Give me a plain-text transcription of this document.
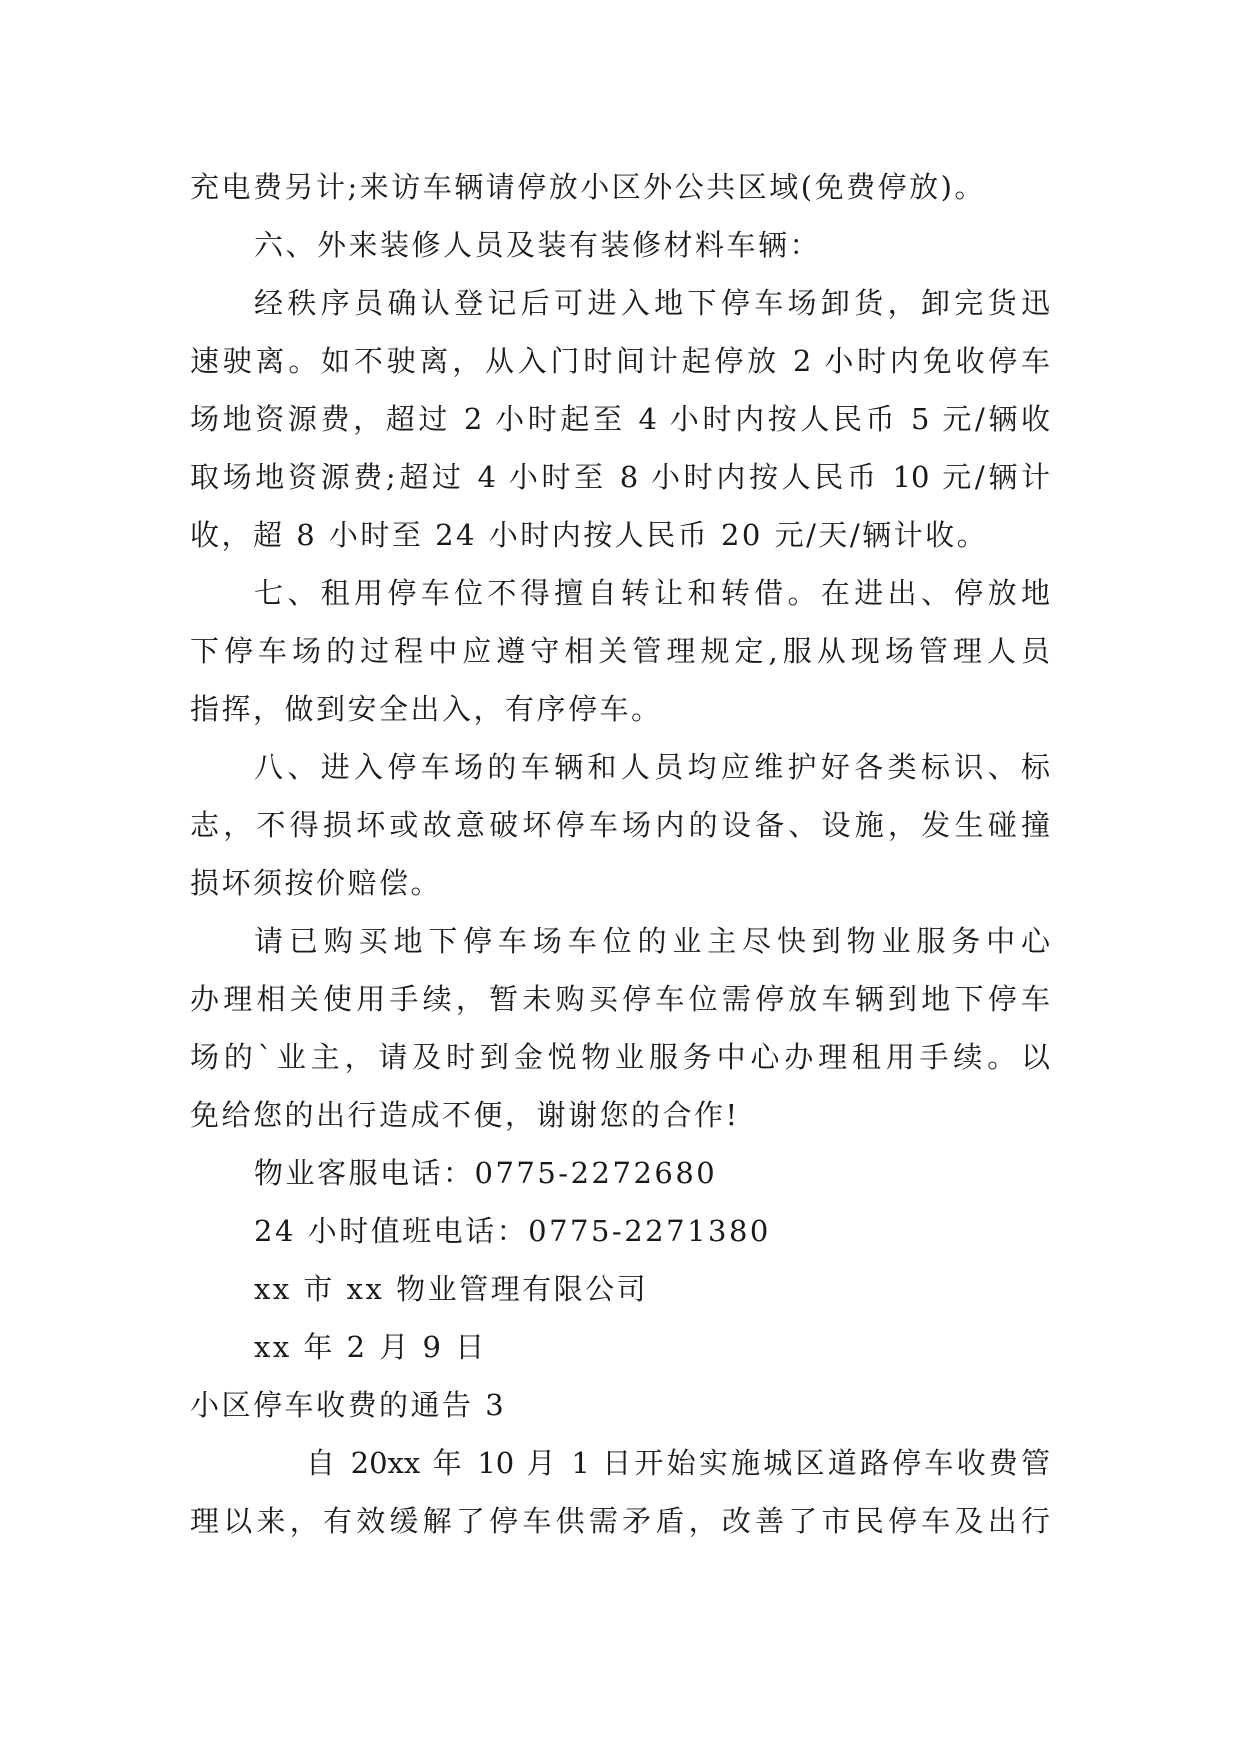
充电费另计;来访车辆请停放小区外公共区域(免费停放)。
六、外来装修人员及装有装修材料车辆：
经秩序员确认登记后可进入地下停车场卸货，卸完货迅
速驶离。如不驶离，从入门时间计起停放 2 小时内免收停车
场地资源费，超过 2 小时起至 4 小时内按人民币 5 元/辆收
取场地资源费;超过 4 小时至 8 小时内按人民币 10 元/辆计
收，超 8 小时至 24 小时内按人民币 20 元/天/辆计收。
七、租用停车位不得擅自转让和转借。在进出、停放地
下停车场的过程中应遵守相关管理规定,服从现场管理人员
指挥，做到安全出入，有序停车。
八、进入停车场的车辆和人员均应维护好各类标识、标
志，不得损坏或故意破坏停车场内的设备、设施，发生碰撞
损坏须按价赔偿。
请已购买地下停车场车位的业主尽快到物业服务中心
办理相关使用手续，暂未购买停车位需停放车辆到地下停车
场的`业主，请及时到金悦物业服务中心办理租用手续。以
免给您的出行造成不便，谢谢您的合作!
物业客服电话：0775-2272680
24 小时值班电话：0775-2271380
xx 市 xx 物业管理有限公司
xx 年 2 月 9 日
小区停车收费的通告 3
自 20xx 年 10 月 1 日开始实施城区道路停车收费管
理以来，有效缓解了停车供需矛盾，改善了市民停车及出行
